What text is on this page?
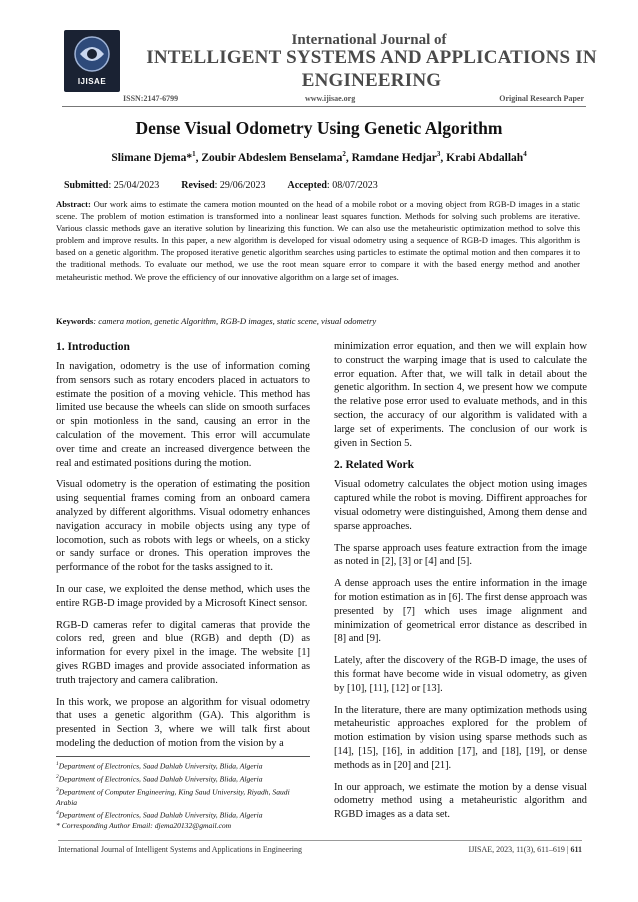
IJISAE
International Journal of
INTELLIGENT SYSTEMS AND APPLICATIONS IN ENGINEERING
ISSN:2147-6799	www.ijisae.org	Original Research Paper
Dense Visual Odometry Using Genetic Algorithm
Slimane Djema*$^1$, Zoubir Abdeslem Benselama$^2$, Ramdane Hedjar$^3$, Krabi Abdallah$^4$
Submitted: 25/04/2023 Revised: 29/06/2023 Accepted: 08/07/2023
Abstract: Our work aims to estimate the camera motion mounted on the head of a mobile robot or a moving object from RGB-D images in a static scene. The problem of motion estimation is transformed into a nonlinear least squares function. Methods for solving such problems are iterative. Various classic methods gave an iterative solution by linearizing this function. We can also use the metaheuristic optimization method to solve this problem and improve results. In this paper, a new algorithm is developed for visual odometry using a sequence of RGB-D images. This algorithm is based on a genetic algorithm. The proposed iterative genetic algorithm searches using particles to estimate the optimal motion and then compares it to the traditional methods. To evaluate our method, we use the root mean square error to compare it with the based energy method and another metaheuristic method. We prove the efficiency of our innovative algorithm on a large set of images.
Keywords: camera motion, genetic Algorithm, RGB-D images, static scene, visual odometry
1. Introduction

In navigation, odometry is the use of information coming from sensors such as rotary encoders placed in actuators to estimate the position of a moving vehicle. This method has limited use because the wheels can slide on smooth surfaces or spin motionless in the sand, causing an error in the calculation of the movement. This error will accumulate over time and create an increased divergence between the real and estimated positions during the motion.

Visual odometry is the operation of estimating the position using sequential frames coming from an onboard camera analyzed by different algorithms. Visual odometry enhances navigation accuracy in mobile objects using any type of locomotion, such as robots with legs or wheels, on a sticky or sandy surface or drones. This operation improves the performance of the robot for the tasks assigned to it.

In our case, we exploited the dense method, which uses the entire RGB-D image provided by a Microsoft Kinect sensor.

RGB-D cameras refer to digital cameras that provide the colors red, green and blue (RGB) and depth (D) as information for every pixel in the image. The website [1] gives RGBD images and provide associated information as truth trajectory and camera calibration.

In this work, we propose an algorithm for visual odometry that uses a genetic algorithm (GA). This algorithm is presented in Section 3, where we will talk first about modeling the deduction of motion from the vision by a

$^1$Department of Electronics, Saad Dahlab University, Blida, Algeria
$^2$Department of Electronics, Saad Dahlab University, Blida, Algeria
$^3$Department of Computer Engineering, King Saud University, Riyadh, Saudi Arabia
$^4$Department of Electronics, Saad Dahlab University, Blida, Algeria
* Corresponding Author Email: djema20132@gmail.com

minimization error equation, and then we will explain how to construct the warping image that is used to calculate the error equation. After that, we will talk in detail about the genetic algorithm. In section 4, we present how we compute the relative pose error used to evaluate methods, and in this section, the accuracy of our algorithm is validated with a large set of experiments. The conclusion of our work is given in Section 5.

2. Related Work

Visual odometry calculates the object motion using images captured while the robot is moving. Diffirent approaches for visual odometry were distinguished, Among them dense and sparse approaches.

The sparse approach uses feature extraction from the image as noted in [2], [3] or [4] and [5].

A dense approach uses the entire information in the image for motion estimation as in [6]. The first dense approach was presented by [7] which uses image alignment and minimization of geometrical error distance as described in [8] and [9].

Lately, after the discovery of the RGB-D image, the uses of this format have become wide in visual odometry, as given by [10], [11], [12] or [13].

In the literature, there are many optimization methods using metaheuristic approaches explored for the problem of motion estimation by vision using sparse methods such as [14], [15], [16], in addition [17], and [18], [19], or dense methods as in [20] and [21].

In our approach, we estimate the motion by a dense visual odometry method using a metaheuristic algorithm and RGBD images as a data set.

International Journal of Intelligent Systems and Applications in Engineering	IJISAE, 2023, 11(3), 611–619 | 611
